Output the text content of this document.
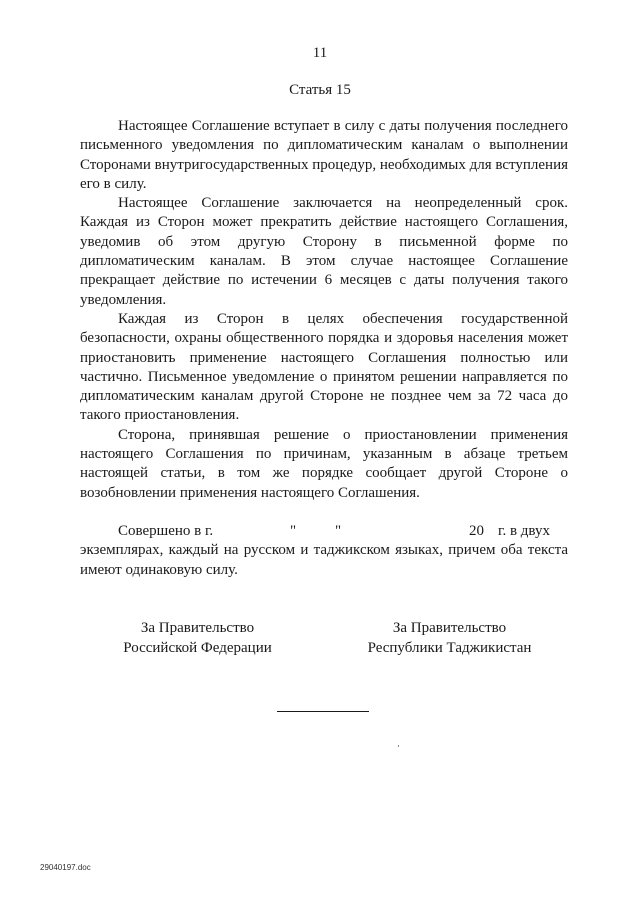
11
Статья 15

Настоящее Соглашение вступает в силу с даты получения последнего письменного уведомления по дипломатическим каналам о выполнении Сторонами внутригосударственных процедур, необходимых для вступления его в силу.

Настоящее Соглашение заключается на неопределенный срок. Каждая из Сторон может прекратить действие настоящего Соглашения, уведомив об этом другую Сторону в письменной форме по дипломатическим каналам. В этом случае настоящее Соглашение прекращает действие по истечении 6 месяцев с даты получения такого уведомления.

Каждая из Сторон в целях обеспечения государственной безопасности, охраны общественного порядка и здоровья населения может приостановить применение настоящего Соглашения полностью или частично. Письменное уведомление о принятом решении направляется по дипломатическим каналам другой Стороне не позднее чем за 72 часа до такого приостановления.

Сторона, принявшая решение о приостановлении применения настоящего Соглашения по причинам, указанным в абзаце третьем настоящей статьи, в том же порядке сообщает другой Стороне о возобновлении применения настоящего Соглашения.

Совершено в г.	"	"	20 г. в двух

экземплярах, каждый на русском и таджикском языках, причем оба текста имеют одинаковую силу.

За Правительство
Российской Федерации
За Правительство
Республики Таджикистан
29040197.doc
